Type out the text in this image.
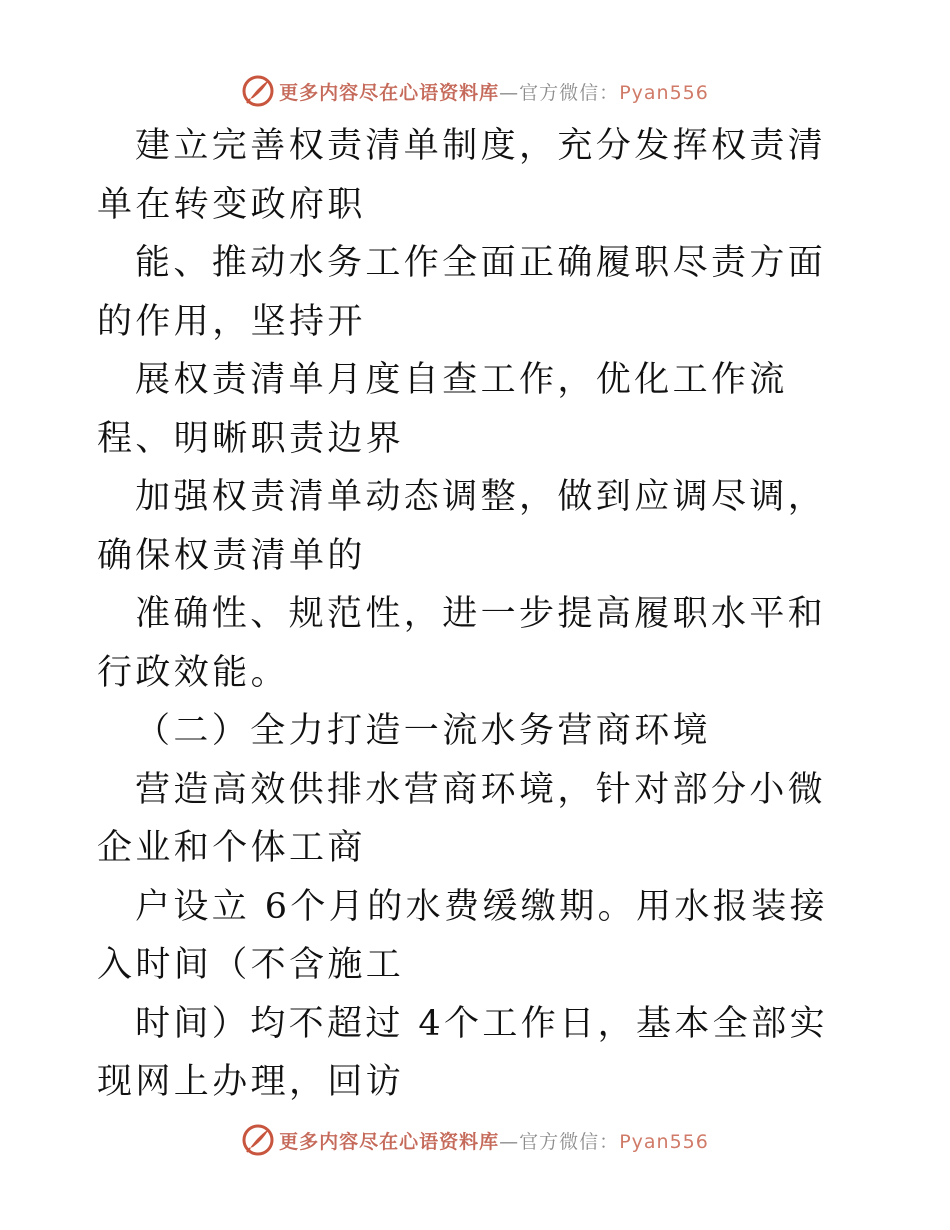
更多内容尽在心语资料库—官方微信：Pyan556

建立完善权责清单制度，充分发挥权责清单在转变政府职

能、推动水务工作全面正确履职尽责方面的作用，坚持开

展权责清单月度自查工作，优化工作流程、明晰职责边界

加强权责清单动态调整，做到应调尽调，确保权责清单的

准确性、规范性，进一步提高履职水平和行政效能。

（二）全力打造一流水务营商环境

营造高效供排水营商环境，针对部分小微企业和个体工商

户设立 6个月的水费缓缴期。用水报装接入时间（不含施工

时间）均不超过 4个工作日，基本全部实现网上办理，回访

更多内容尽在心语资料库—官方微信：Pyan556
